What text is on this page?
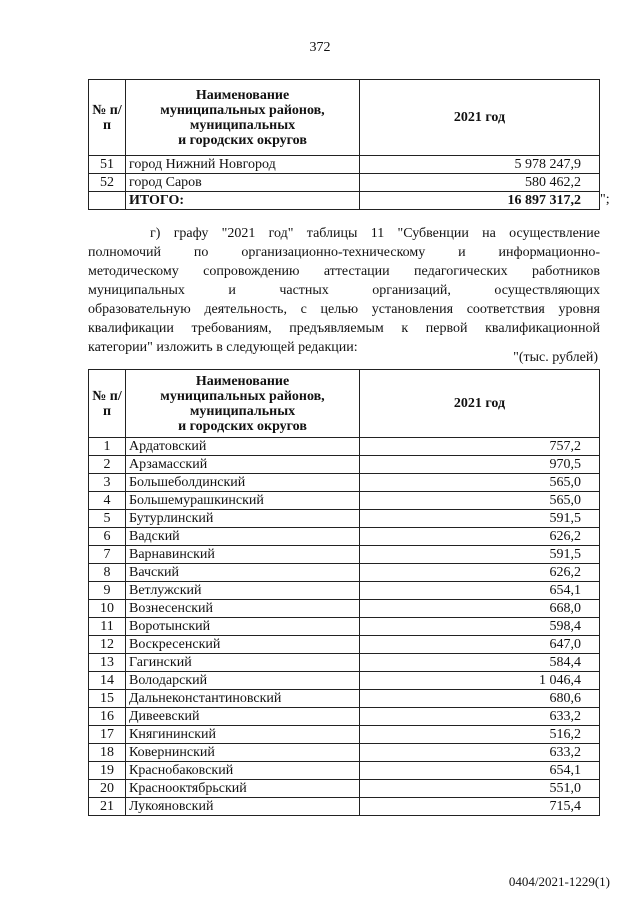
372
№ п/п	Наименование
муниципальных районов,
муниципальных
и городских округов	2021 год
51	город Нижний Новгород	5 978 247,9
52	город Саров	580 462,2
	ИТОГО:	16 897 317,2 ";
г) графу "2021 год" таблицы 11 "Субвенции на осуществление
полномочий по организационно-техническому и информационно-
методическому сопровождению аттестации педагогических работников
муниципальных и частных организаций, осуществляющих
образовательную деятельность, с целью установления соответствия уровня
квалификации требованиям, предъявляемым к первой квалификационной
категории" изложить в следующей редакции:
"(тыс. рублей)
№ п/п	Наименование
муниципальных районов,
муниципальных
и городских округов	2021 год
1	Ардатовский	757,2
2	Арзамасский	970,5
3	Большеболдинский	565,0
4	Большемурашкинский	565,0
5	Бутурлинский	591,5
6	Вадский	626,2
7	Варнавинский	591,5
8	Вачский	626,2
9	Ветлужский	654,1
10	Вознесенский	668,0
11	Воротынский	598,4
12	Воскресенский	647,0
13	Гагинский	584,4
14	Володарский	1 046,4
15	Дальнеконстантиновский	680,6
16	Дивеевский	633,2
17	Княгининский	516,2
18	Ковернинский	633,2
19	Краснобаковский	654,1
20	Краснооктябрьский	551,0
21	Лукояновский	715,4
0404/2021-1229(1)
